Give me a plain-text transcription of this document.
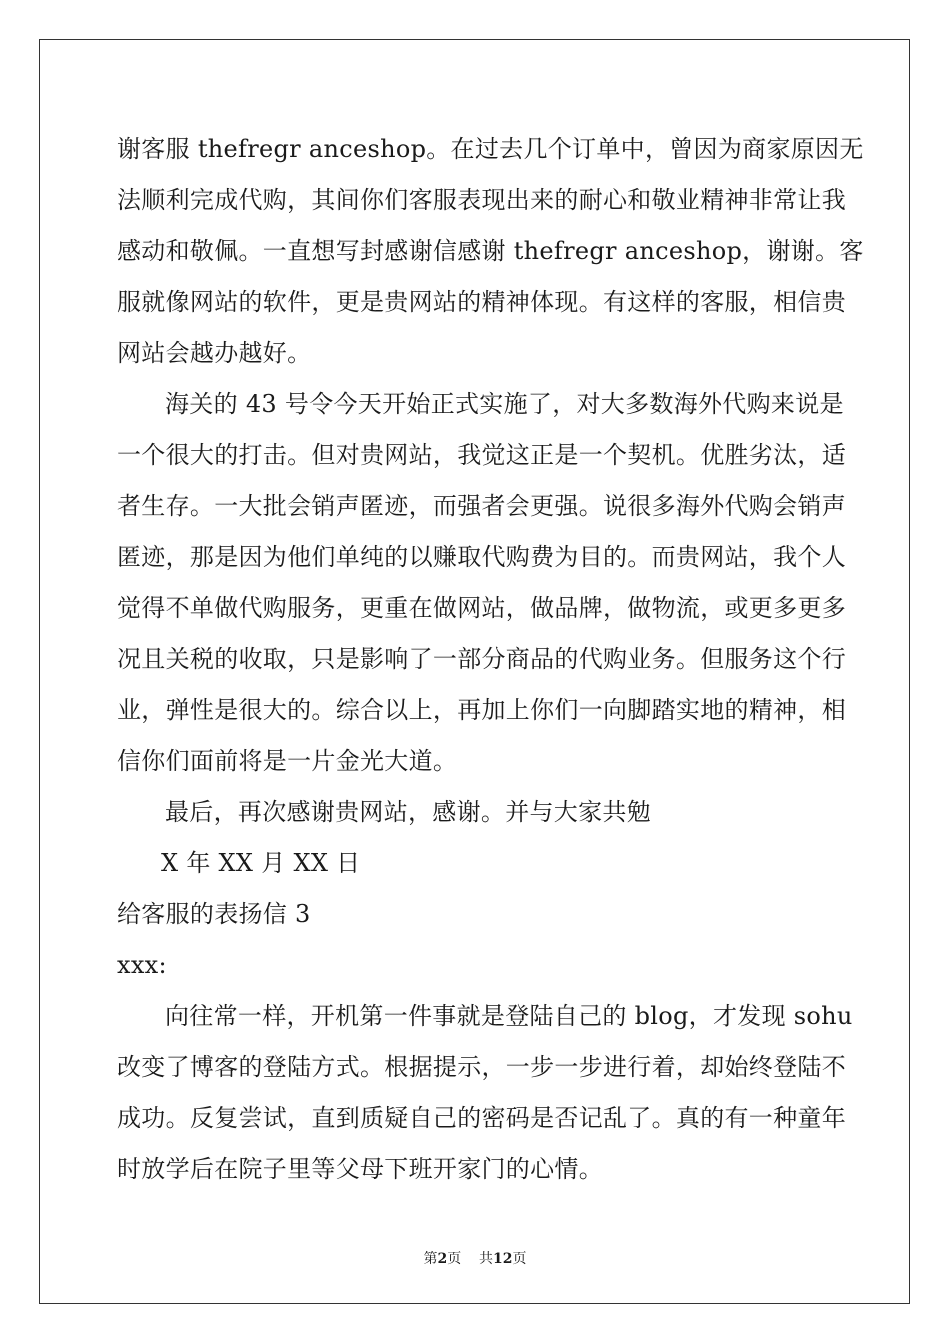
谢客服 thefregr anceshop。在过去几个订单中，曾因为商家原因无
法顺利完成代购，其间你们客服表现出来的耐心和敬业精神非常让我
感动和敬佩。一直想写封感谢信感谢 thefregr anceshop，谢谢。客
服就像网站的软件，更是贵网站的精神体现。有这样的客服，相信贵
网站会越办越好。
海关的 43 号令今天开始正式实施了，对大多数海外代购来说是
一个很大的打击。但对贵网站，我觉这正是一个契机。优胜劣汰，适
者生存。一大批会销声匿迹，而强者会更强。说很多海外代购会销声
匿迹，那是因为他们单纯的以赚取代购费为目的。而贵网站，我个人
觉得不单做代购服务，更重在做网站，做品牌，做物流，或更多更多
况且关税的收取，只是影响了一部分商品的代购业务。但服务这个行
业，弹性是很大的。综合以上，再加上你们一向脚踏实地的精神，相
信你们面前将是一片金光大道。
最后，再次感谢贵网站，感谢。并与大家共勉
X 年 XX 月 XX 日
给客服的表扬信 3
xxx:
向往常一样，开机第一件事就是登陆自己的 blog，才发现 sohu
改变了博客的登陆方式。根据提示，一步一步进行着，却始终登陆不
成功。反复尝试，直到质疑自己的密码是否记乱了。真的有一种童年
时放学后在院子里等父母下班开家门的心情。
第2页 共12页
